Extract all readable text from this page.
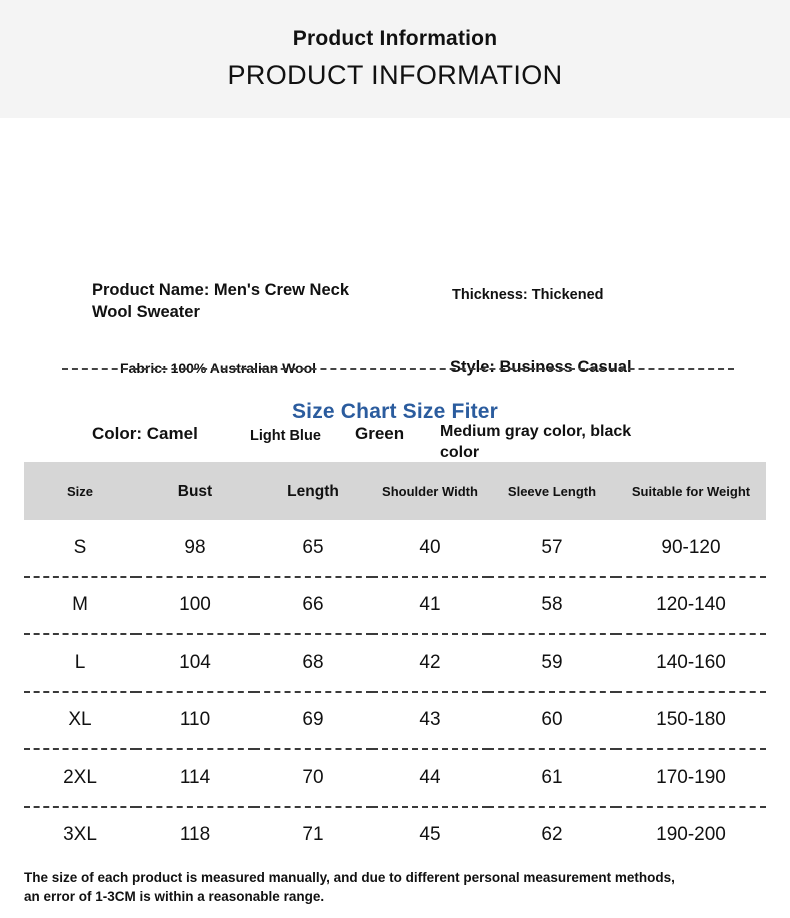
Product Information
PRODUCT INFORMATION
Product Name: Men's Crew Neck Wool Sweater
Thickness: Thickened
Fabric: 100% Australian Wool	Style: Business Casual
Color: Camel	Light Blue Green Medium gray color, black color
Size Chart Size Fiter
Size	Bust	Length	Shoulder Width	Sleeve Length	Suitable for Weight
S	98	65	40	57	90-120
M	100	66	41	58	120-140
L	104	68	42	59	140-160
XL	110	69	43	60	150-180
2XL	114	70	44	61	170-190
3XL	118	71	45	62	190-200
The size of each product is measured manually, and due to different personal measurement methods,
an error of 1-3CM is within a reasonable range.
